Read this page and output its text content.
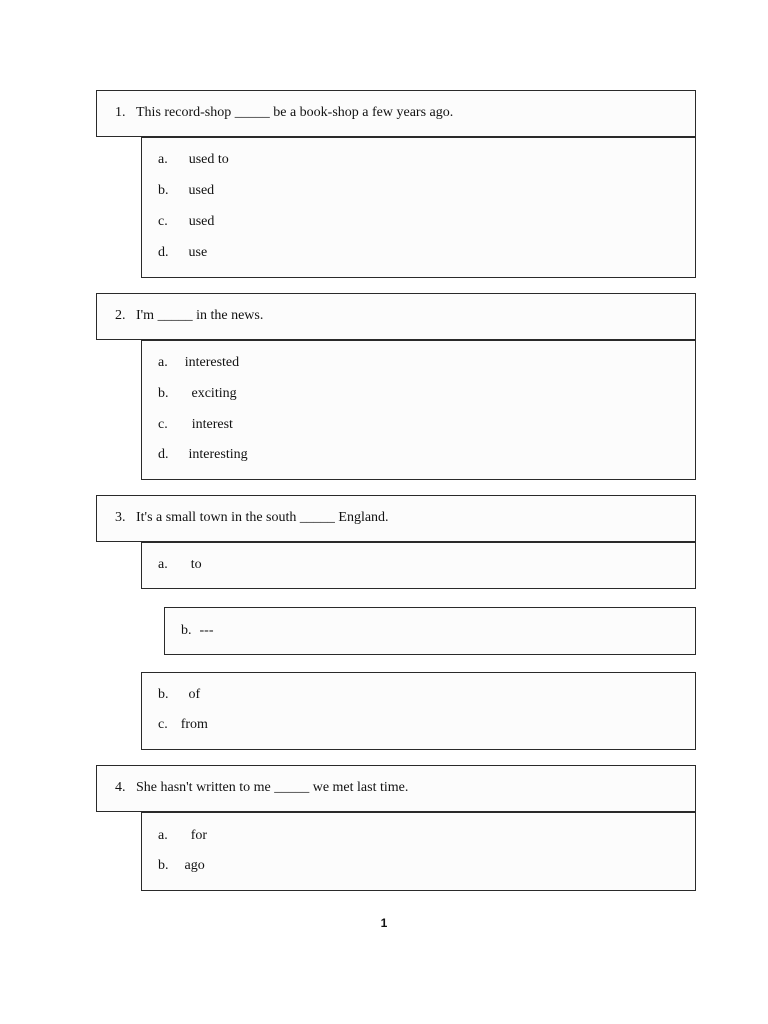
1. This record-shop _____ be a book-shop a few years ago.
a. used to
b. used
c. used
d. use
2. I'm _____ in the news.
a. interested
b. exciting
c. interest
d. interesting
3. It's a small town in the south _____ England.
a. to
b. ---
b. of
c. from
4. She hasn't written to me _____ we met last time.
a. for
b. ago
1
